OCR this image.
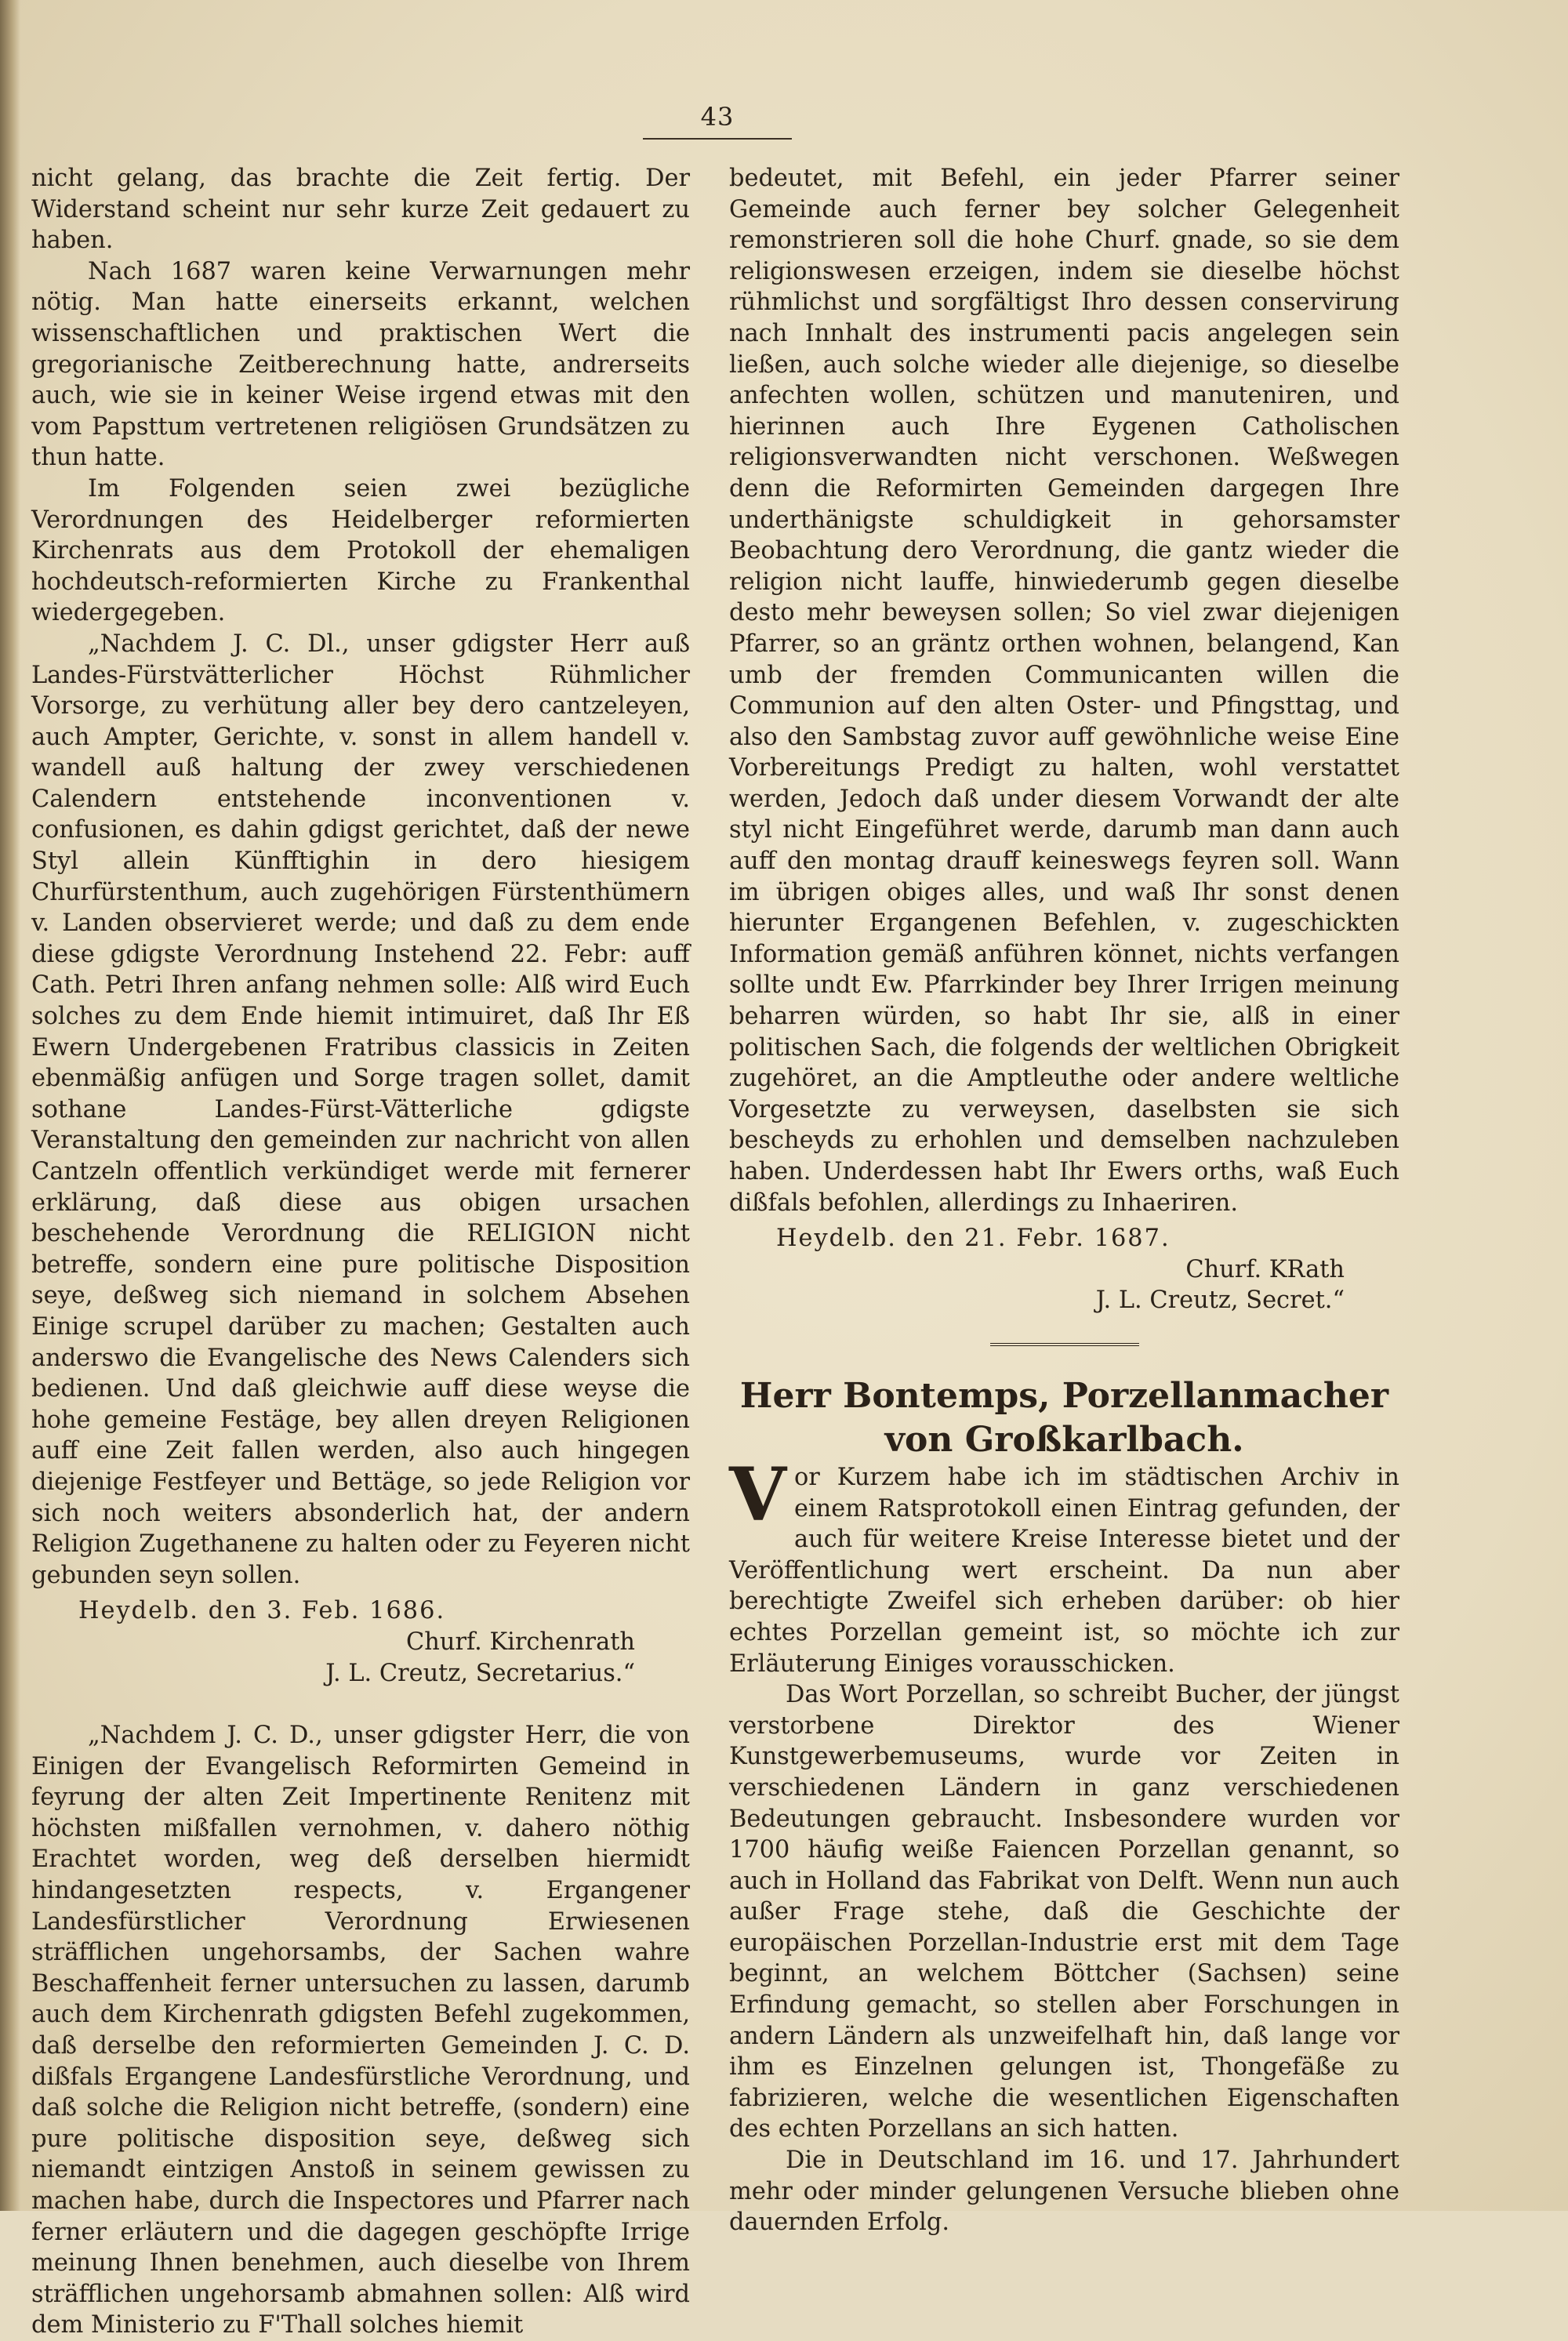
43

nicht gelang, das brachte die Zeit fertig. Der Widerstand scheint nur sehr kurze Zeit gedauert zu haben.

Nach 1687 waren keine Verwarnungen mehr nötig. Man hatte einerseits erkannt, welchen wissenschaftlichen und praktischen Wert die gregorianische Zeitberechnung hatte, andrerseits auch, wie sie in keiner Weise irgend etwas mit den vom Papsttum vertretenen religiösen Grundsätzen zu thun hatte.

Im Folgenden seien zwei bezügliche Verordnungen des Heidelberger reformierten Kirchenrats aus dem Protokoll der ehemaligen hochdeutsch-reformierten Kirche zu Frankenthal wiedergegeben.

„Nachdem J. C. Dl., unser gdigster Herr auß Landes-Fürstvätterlicher Höchst Rühmlicher Vorsorge, zu verhütung aller bey dero cantzeleyen, auch Ampter, Gerichte, v. sonst in allem handell v. wandell auß haltung der zwey verschiedenen Calendern entstehende inconventionen v. confusionen, es dahin gdigst gerichtet, daß der newe Styl allein Künfftighin in dero hiesigem Churfürstenthum, auch zugehörigen Fürstenthümern v. Landen observieret werde; und daß zu dem ende diese gdigste Verordnung Instehend 22. Febr: auff Cath. Petri Ihren anfang nehmen solle: Alß wird Euch solches zu dem Ende hiemit intimuiret, daß Ihr Eß Ewern Undergebenen Fratribus classicis in Zeiten ebenmäßig anfügen und Sorge tragen sollet, damit sothane Landes-Fürst-Vätterliche gdigste Veranstaltung den gemeinden zur nachricht von allen Cantzeln offentlich verkündiget werde mit fernerer erklärung, daß diese aus obigen ursachen beschehende Verordnung die RELIGION nicht betreffe, sondern eine pure politische Disposition seye, deßweg sich niemand in solchem Absehen Einige scrupel darüber zu machen; Gestalten auch anderswo die Evangelische des News Calenders sich bedienen. Und daß gleichwie auff diese weyse die hohe gemeine Festäge, bey allen dreyen Religionen auff eine Zeit fallen werden, also auch hingegen diejenige Festfeyer und Bettäge, so jede Religion vor sich noch weiters absonderlich hat, der andern Religion Zugethanene zu halten oder zu Feyeren nicht gebunden seyn sollen.

Heydelb. den 3. Feb. 1686.

Churf. Kirchenrath

J. L. Creutz, Secretarius.“

„Nachdem J. C. D., unser gdigster Herr, die von Einigen der Evangelisch Reformirten Gemeind in feyrung der alten Zeit Impertinente Renitenz mit höchsten mißfallen vernohmen, v. dahero nöthig Erachtet worden, weg deß derselben hiermidt hindangesetzten respects, v. Ergangener Landesfürstlicher Verordnung Erwiesenen sträfflichen ungehorsambs, der Sachen wahre Beschaffenheit ferner untersuchen zu lassen, darumb auch dem Kirchenrath gdigsten Befehl zugekommen, daß derselbe den reformierten Gemeinden J. C. D. dißfals Ergangene Landesfürstliche Verordnung, und daß solche die Religion nicht betreffe, (sondern) eine pure politische disposition seye, deßweg sich niemandt eintzigen Anstoß in seinem gewissen zu machen habe, durch die Inspectores und Pfarrer nach ferner erläutern und die dagegen geschöpfte Irrige meinung Ihnen benehmen, auch dieselbe von Ihrem sträfflichen ungehorsamb abmahnen sollen: Alß wird dem Ministerio zu F'Thall solches hiemit

bedeutet, mit Befehl, ein jeder Pfarrer seiner Gemeinde auch ferner bey solcher Gelegenheit remonstrieren soll die hohe Churf. gnade, so sie dem religionswesen erzeigen, indem sie dieselbe höchst rühmlichst und sorgfältigst Ihro dessen conservirung nach Innhalt des instrumenti pacis angelegen sein ließen, auch solche wieder alle diejenige, so dieselbe anfechten wollen, schützen und manuteniren, und hierinnen auch Ihre Eygenen Catholischen religionsverwandten nicht verschonen. Weßwegen denn die Reformirten Gemeinden dargegen Ihre underthänigste schuldigkeit in gehorsamster Beobachtung dero Verordnung, die gantz wieder die religion nicht lauffe, hinwiederumb gegen dieselbe desto mehr beweysen sollen; So viel zwar diejenigen Pfarrer, so an gräntz orthen wohnen, belangend, Kan umb der fremden Communicanten willen die Communion auf den alten Oster- und Pfingsttag, und also den Sambstag zuvor auff gewöhnliche weise Eine Vorbereitungs Predigt zu halten, wohl verstattet werden, Jedoch daß under diesem Vorwandt der alte styl nicht Eingeführet werde, darumb man dann auch auff den montag drauff keineswegs feyren soll. Wann im übrigen obiges alles, und waß Ihr sonst denen hierunter Ergangenen Befehlen, v. zugeschickten Information gemäß anführen könnet, nichts verfangen sollte undt Ew. Pfarrkinder bey Ihrer Irrigen meinung beharren würden, so habt Ihr sie, alß in einer politischen Sach, die folgends der weltlichen Obrigkeit zugehöret, an die Amptleuthe oder andere weltliche Vorgesetzte zu verweysen, daselbsten sie sich bescheyds zu erhohlen und demselben nachzuleben haben. Underdessen habt Ihr Ewers orths, waß Euch dißfals befohlen, allerdings zu Inhaeriren.

Heydelb. den 21. Febr. 1687.

Churf. KRath

J. L. Creutz, Secret.“

Herr Bontemps, Porzellanmacher von Großkarlbach.

Vor Kurzem habe ich im städtischen Archiv in einem Ratsprotokoll einen Eintrag gefunden, der auch für weitere Kreise Interesse bietet und der Veröffentlichung wert erscheint. Da nun aber berechtigte Zweifel sich erheben darüber: ob hier echtes Porzellan gemeint ist, so möchte ich zur Erläuterung Einiges vorausschicken.

Das Wort Porzellan, so schreibt Bucher, der jüngst verstorbene Direktor des Wiener Kunstgewerbemuseums, wurde vor Zeiten in verschiedenen Ländern in ganz verschiedenen Bedeutungen gebraucht. Insbesondere wurden vor 1700 häufig weiße Faiencen Porzellan genannt, so auch in Holland das Fabrikat von Delft. Wenn nun auch außer Frage stehe, daß die Geschichte der europäischen Porzellan-Industrie erst mit dem Tage beginnt, an welchem Böttcher (Sachsen) seine Erfindung gemacht, so stellen aber Forschungen in andern Ländern als unzweifelhaft hin, daß lange vor ihm es Einzelnen gelungen ist, Thongefäße zu fabrizieren, welche die wesentlichen Eigenschaften des echten Porzellans an sich hatten.

Die in Deutschland im 16. und 17. Jahrhundert mehr oder minder gelungenen Versuche blieben ohne dauernden Erfolg.
